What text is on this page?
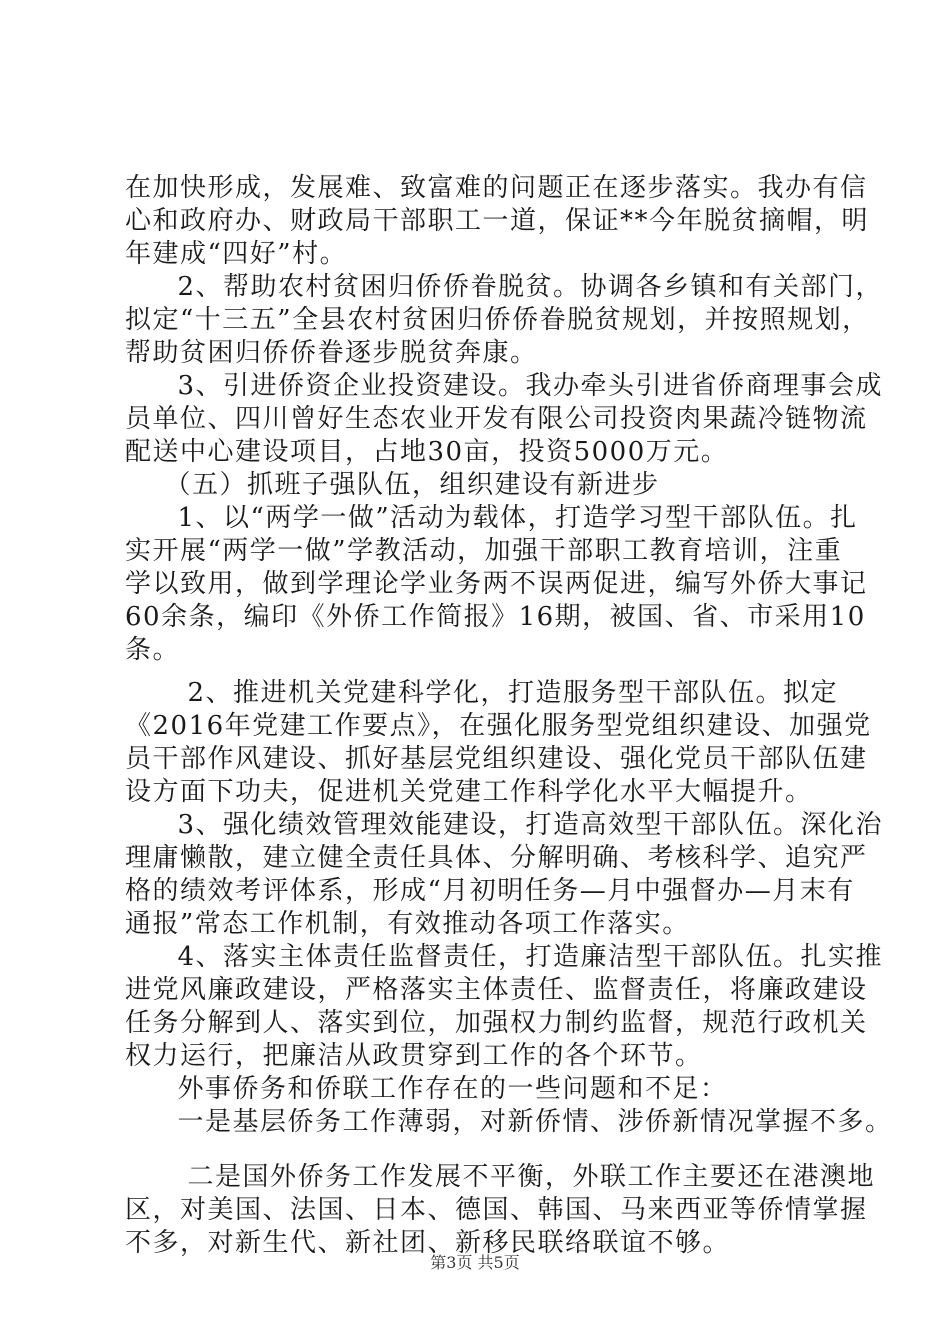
在加快形成，发展难、致富难的问题正在逐步落实。我办有信
心和政府办、财政局干部职工一道，保证**今年脱贫摘帽，明
年建成“四好”村。
　2、帮助农村贫困归侨侨眷脱贫。协调各乡镇和有关部门，
拟定“十三五”全县农村贫困归侨侨眷脱贫规划，并按照规划，
帮助贫困归侨侨眷逐步脱贫奔康。
　3、引进侨资企业投资建设。我办牵头引进省侨商理事会成
员单位、四川曾好生态农业开发有限公司投资肉果蔬冷链物流
配送中心建设项目，占地30亩，投资5000万元。
　（五）抓班子强队伍，组织建设有新进步
　1、以“两学一做”活动为载体，打造学习型干部队伍。扎
实开展“两学一做”学教活动，加强干部职工教育培训，注重
学以致用，做到学理论学业务两不误两促进，编写外侨大事记
60余条，编印《外侨工作简报》16期，被国、省、市采用10
条。
　2、推进机关党建科学化，打造服务型干部队伍。拟定
《2016年党建工作要点》，在强化服务型党组织建设、加强党
员干部作风建设、抓好基层党组织建设、强化党员干部队伍建
设方面下功夫，促进机关党建工作科学化水平大幅提升。
　3、强化绩效管理效能建设，打造高效型干部队伍。深化治
理庸懒散，建立健全责任具体、分解明确、考核科学、追究严
格的绩效考评体系，形成“月初明任务—月中强督办—月末有
通报”常态工作机制，有效推动各项工作落实。
　4、落实主体责任监督责任，打造廉洁型干部队伍。扎实推
进党风廉政建设，严格落实主体责任、监督责任，将廉政建设
任务分解到人、落实到位，加强权力制约监督，规范行政机关
权力运行，把廉洁从政贯穿到工作的各个环节。
　外事侨务和侨联工作存在的一些问题和不足：
　一是基层侨务工作薄弱，对新侨情、涉侨新情况掌握不多。
　二是国外侨务工作发展不平衡，外联工作主要还在港澳地
区，对美国、法国、日本、德国、韩国、马来西亚等侨情掌握
不多，对新生代、新社团、新移民联络联谊不够。
第3页 共5页
